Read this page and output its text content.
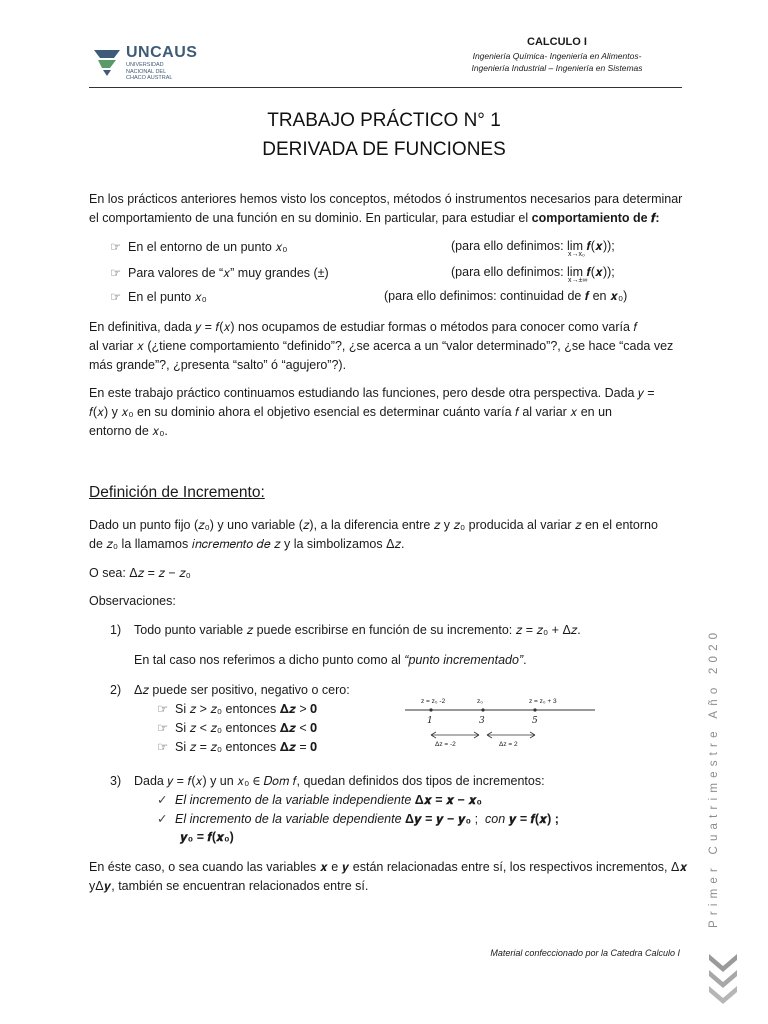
UNCAUS
UNIVERSIDAD
NACIONAL DEL
CHACO AUSTRAL
CALCULO I
Ingeniería Química- Ingeniería en Alimentos-
Ingeniería Industrial – Ingeniería en Sistemas
TRABAJO PRÁCTICO N° 1
DERIVADA DE FUNCIONES

En los prácticos anteriores hemos visto los conceptos, métodos ó instrumentos necesarios para determinar

el comportamiento de una función en su dominio. En particular, para estudiar el comportamiento de 𝒇:

☞ En el entorno de un punto 𝑥₀	(para ello definimos: lim 𝒇(𝒙));
x→x₀
☞ Para valores de “𝑥” muy grandes (±)	(para ello definimos: lim 𝒇(𝒙));
x→±∞
☞ En el punto 𝑥₀	(para ello definimos: continuidad de 𝒇 en 𝒙₀)

En definitiva, dada 𝑦 = 𝑓(𝑥) nos ocupamos de estudiar formas o métodos para conocer como varía 𝑓

al variar 𝑥 (¿tiene comportamiento “definido”?, ¿se acerca a un “valor determinado”?, ¿se hace “cada vez

más grande”?, ¿presenta “salto” ó “agujero”?).

En este trabajo práctico continuamos estudiando las funciones, pero desde otra perspectiva. Dada 𝑦 =

𝑓(𝑥) y 𝑥₀ en su dominio ahora el objetivo esencial es determinar cuánto varía 𝑓 al variar 𝑥 en un

entorno de 𝑥₀.

Definición de Incremento:

Dado un punto fijo (𝑧₀) y uno variable (𝑧), a la diferencia entre 𝑧 y 𝑧₀ producida al variar 𝑧 en el entorno

de 𝑧₀ la llamamos 𝑖𝑛𝑐𝑟𝑒𝑚𝑒𝑛𝑡𝑜 𝑑𝑒 𝑧 y la simbolizamos Δ𝑧.

O sea: Δ𝑧 = 𝑧 − 𝑧₀
Observaciones:
1) Todo punto variable 𝑧 puede escribirse en función de su incremento: 𝑧 = 𝑧₀ + Δ𝑧.
En tal caso nos referimos a dicho punto como al “punto incrementado”.
2) Δ𝑧 puede ser positivo, negativo o cero:
☞ Si 𝑧 > 𝑧₀ entonces 𝚫𝒛 > 𝟎
☞ Si 𝑧 < 𝑧₀ entonces 𝚫𝒛 < 𝟎
☞ Si 𝑧 = 𝑧₀ entonces 𝚫𝒛 = 𝟎
z = z₀ -2	z₀	z = z₀ + 3
1	3	5
Δz = -2	Δz = 2
3) Dada 𝑦 = 𝑓(𝑥) y un 𝑥₀ ∈ 𝐷𝑜𝑚 𝑓, quedan definidos dos tipos de incrementos:
✓ El incremento de la variable independiente Δ𝒙 = 𝒙 − 𝒙₀
✓ El incremento de la variable dependiente Δ𝒚 = 𝒚 − 𝒚₀ ;  con 𝒚 = 𝒇(𝒙) ;
𝒚₀ = 𝒇(𝒙₀)

En éste caso, o sea cuando las variables 𝒙 e 𝒚 están relacionadas entre sí, los respectivos incrementos, Δ𝒙

yΔ𝒚, también se encuentran relacionados entre sí.

Material confeccionado por la Catedra Calculo I
Primer Cuatrimestre Año 2020
